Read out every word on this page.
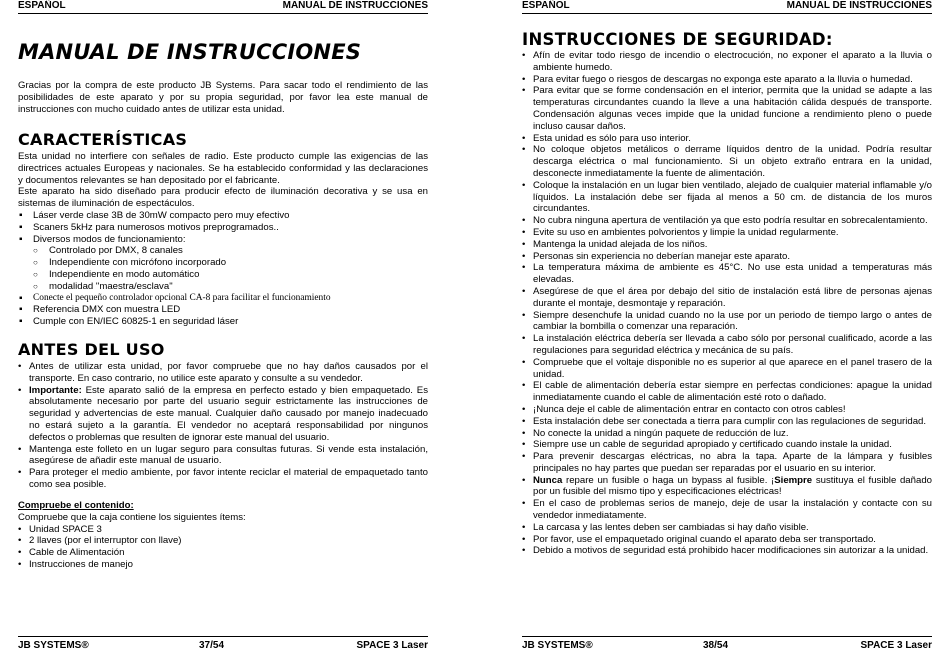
ESPAÑOL	MANUAL DE INSTRUCCIONES
MANUAL DE INSTRUCCIONES

Gracias por la compra de este producto JB Systems. Para sacar todo el rendimiento de las posibilidades de este aparato y por su propia seguridad, por favor lea este manual de instrucciones con mucho cuidado antes de utilizar esta unidad.

CARACTERÍSTICAS

Esta unidad no interfiere con señales de radio. Este producto cumple las exigencias de las directrices actuales Europeas y nacionales. Se ha establecido conformidad y las declaraciones y documentos relevantes se han depositado por el fabricante.

Este aparato ha sido diseñado para producir efecto de iluminación decorativa y se usa en sistemas de iluminación de espectáculos.

▪ Láser verde clase 3B de 30mW compacto pero muy efectivo
▪ Scaners 5kHz para numerosos motivos preprogramados..
▪ Diversos modos de funcionamiento:
○ Controlado por DMX, 8 canales
○ Independiente con micrófono incorporado
○ Independiente en modo automático
○ modalidad "maestra/esclava"
▪ Conecte el pequeño controlador opcional CA-8 para facilitar el funcionamiento
▪ Referencia DMX con muestra LED
▪ Cumple con EN/IEC 60825-1 en seguridad láser
ANTES DEL USO
• Antes de utilizar esta unidad, por favor compruebe que no hay daños causados por el transporte. En caso contrario, no utilice este aparato y consulte a su vendedor.
• Importante: Este aparato salió de la empresa en perfecto estado y bien empaquetado. Es absolutamente necesario por parte del usuario seguir estrictamente las instrucciones de seguridad y advertencias de este manual. Cualquier daño causado por manejo inadecuado no estará sujeto a la garantía. El vendedor no aceptará responsabilidad por ningunos defectos o problemas que resulten de ignorar este manual del usuario.
• Mantenga este folleto en un lugar seguro para consultas futuras. Si vende esta instalación, asegúrese de añadir este manual de usuario.
• Para proteger el medio ambiente, por favor intente reciclar el material de empaquetado tanto como sea posible.

Compruebe el contenido:

Compruebe que la caja contiene los siguientes ítems:

• Unidad SPACE 3
• 2 llaves (por el interruptor con llave)
• Cable de Alimentación
• Instrucciones de manejo
JB SYSTEMS®	37/54	SPACE 3 Laser
ESPAÑOL	MANUAL DE INSTRUCCIONES
INSTRUCCIONES DE SEGURIDAD:
• Afín de evitar todo riesgo de incendio o electrocución, no exponer el aparato a la lluvia o ambiente humedo.
• Para evitar fuego o riesgos de descargas no exponga este aparato a la lluvia o humedad.
• Para evitar que se forme condensación en el interior, permita que la unidad se adapte a las temperaturas circundantes cuando la lleve a una habitación cálida después de transporte. Condensación algunas veces impide que la unidad funcione a rendimiento pleno o puede incluso causar daños.
• Esta unidad es sólo para uso interior.
• No coloque objetos metálicos o derrame líquidos dentro de la unidad. Podría resultar descarga eléctrica o mal funcionamiento. Si un objeto extraño entrara en la unidad, desconecte inmediatamente la fuente de alimentación.
• Coloque la instalación en un lugar bien ventilado, alejado de cualquier material inflamable y/o líquidos. La instalación debe ser fijada al menos a 50 cm. de distancia de los muros circundantes.
• No cubra ninguna apertura de ventilación ya que esto podría resultar en sobrecalentamiento.
• Evite su uso en ambientes polvorientos y limpie la unidad regularmente.
• Mantenga la unidad alejada de los niños.
• Personas sin experiencia no deberían manejar este aparato.
• La temperatura máxima de ambiente es 45°C. No use esta unidad a temperaturas más elevadas.
• Asegúrese de que el área por debajo del sitio de instalación está libre de personas ajenas durante el montaje, desmontaje y reparación.
• Siempre desenchufe la unidad cuando no la use por un periodo de tiempo largo o antes de cambiar la bombilla o comenzar una reparación.
• La instalación eléctrica debería ser llevada a cabo sólo por personal cualificado, acorde a las regulaciones para seguridad eléctrica y mecánica de su país.
• Compruebe que el voltaje disponible no es superior al que aparece en el panel trasero de la unidad.
• El cable de alimentación debería estar siempre en perfectas condiciones: apague la unidad inmediatamente cuando el cable de alimentación esté roto o dañado.
• ¡Nunca deje el cable de alimentación entrar en contacto con otros cables!
• Esta instalación debe ser conectada a tierra para cumplir con las regulaciones de seguridad.
• No conecte la unidad a ningún paquete de reducción de luz.
• Siempre use un cable de seguridad apropiado y certificado cuando instale la unidad.
• Para prevenir descargas eléctricas, no abra la tapa. Aparte de la lámpara y fusibles principales no hay partes que puedan ser reparadas por el usuario en su interior.
• Nunca repare un fusible o haga un bypass al fusible. ¡Siempre sustituya el fusible dañado por un fusible del mismo tipo y especificaciones eléctricas!
• En el caso de problemas serios de manejo, deje de usar la instalación y contacte con su vendedor inmediatamente.
• La carcasa y las lentes deben ser cambiadas si hay daño visible.
• Por favor, use el empaquetado original cuando el aparato deba ser transportado.
• Debido a motivos de seguridad está prohibido hacer modificaciones sin autorizar a la unidad.
JB SYSTEMS®	38/54	SPACE 3 Laser
